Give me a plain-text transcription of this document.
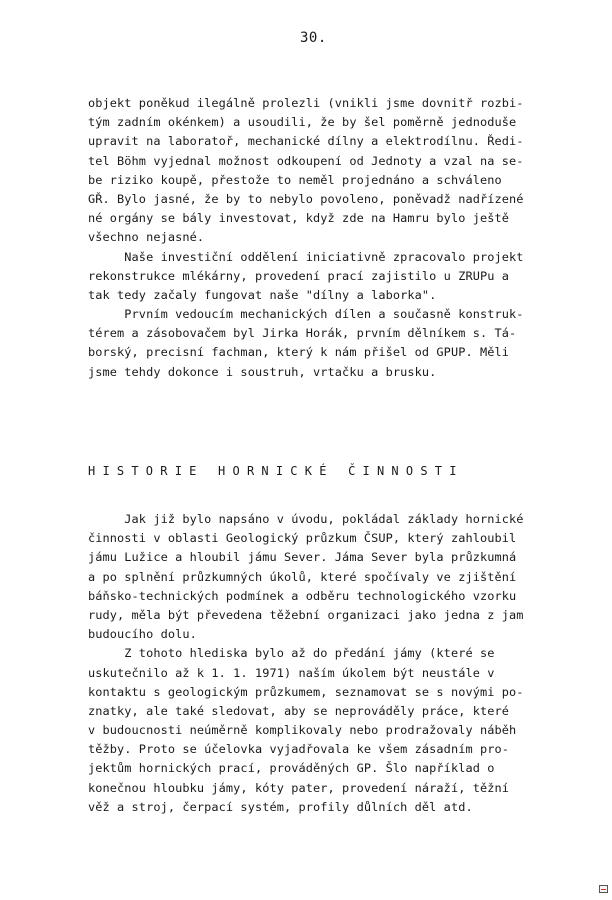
30.
objekt poněkud ilegálně prolezli (vnikli jsme dovnitř rozbi-
tým zadním okénkem) a usoudili, že by šel poměrně jednoduše
upravit na laboratoř, mechanické dílny a elektrodílnu. Ředi-
tel Böhm vyjednal možnost odkoupení od Jednoty a vzal na se-
be riziko koupě, přestože to neměl projednáno a schváleno
GŘ. Bylo jasné, že by to nebylo povoleno, poněvadž nadřízené
né orgány se bály investovat, když zde na Hamru bylo ještě
všechno nejasné.
Naše investiční oddělení iniciativně zpracovalo projekt
rekonstrukce mlékárny, provedení prací zajistilo u ZRUPu a
tak tedy začaly fungovat naše "dílny a laborka".
Prvním vedoucím mechanických dílen a současně konstruk-
térem a zásobovačem byl Jirka Horák, prvním dělníkem s. Tá-
borský, precisní fachman, který k nám přišel od GPUP. Měli
jsme tehdy dokonce i soustruh, vrtačku a brusku.
H I S T O R I E   H O R N I C K É   Č I N N O S T I
Jak již bylo napsáno v úvodu, pokládal základy hornické
činnosti v oblasti Geologický průzkum ČSUP, který zahloubil
jámu Lužice a hloubil jámu Sever. Jáma Sever byla průzkumná
a po splnění průzkumných úkolů, které spočívaly ve zjištění
báňsko-technických podmínek a odběru technologického vzorku
rudy, měla být převedena těžební organizaci jako jedna z jam
budoucího dolu.
Z tohoto hlediska bylo až do předání jámy (které se
uskutečnilo až k 1. 1. 1971) naším úkolem být neustále v
kontaktu s geologickým průzkumem, seznamovat se s novými po-
znatky, ale také sledovat, aby se neprováděly práce, které
v budoucnosti neúměrně komplikovaly nebo prodražovaly náběh
těžby. Proto se účelovka vyjadřovala ke všem zásadním pro-
jektům hornických prací, prováděných GP. Šlo například o
konečnou hloubku jámy, kóty pater, provedení náraží, těžní
věž a stroj, čerpací systém, profily důlních děl atd.
